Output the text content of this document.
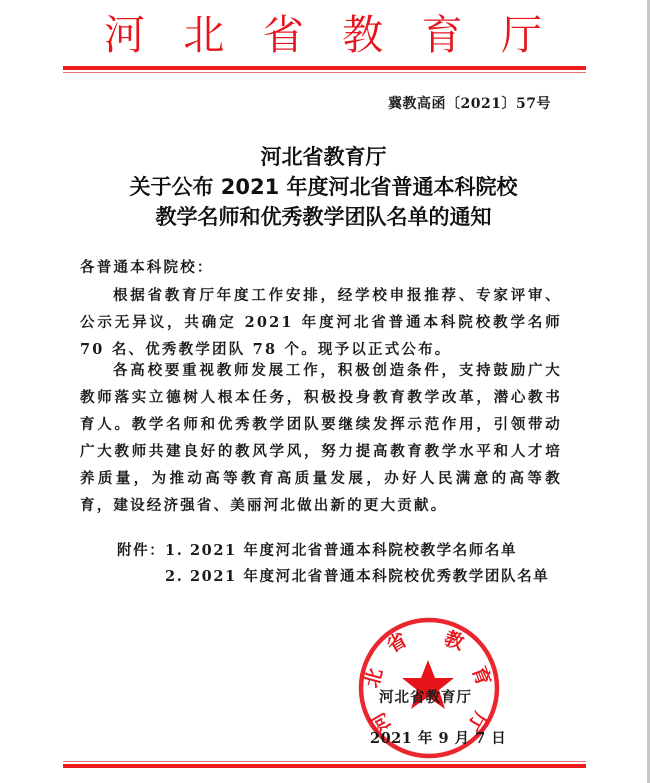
河 北 省 教 育 厅
冀教高函〔2021〕57号
河北省教育厅
关于公布 2021 年度河北省普通本科院校
教学名师和优秀教学团队名单的通知
各普通本科院校：
根据省教育厅年度工作安排，经学校申报推荐、专家评审、公示无异议，共确定 2021 年度河北省普通本科院校教学名师 70 名、优秀教学团队 78 个。现予以正式公布。
各高校要重视教师发展工作，积极创造条件，支持鼓励广大教师落实立德树人根本任务，积极投身教育教学改革，潜心教书育人。教学名师和优秀教学团队要继续发挥示范作用，引领带动广大教师共建良好的教风学风，努力提高教育教学水平和人才培养质量，为推动高等教育高质量发展，办好人民满意的高等教育，建设经济强省、美丽河北做出新的更大贡献。
附件： 1. 2021 年度河北省普通本科院校教学名师名单
2. 2021 年度河北省普通本科院校优秀教学团队名单
河
北
省 教
育
厅
河北省教育厅
2021 年 9 月 7 日
